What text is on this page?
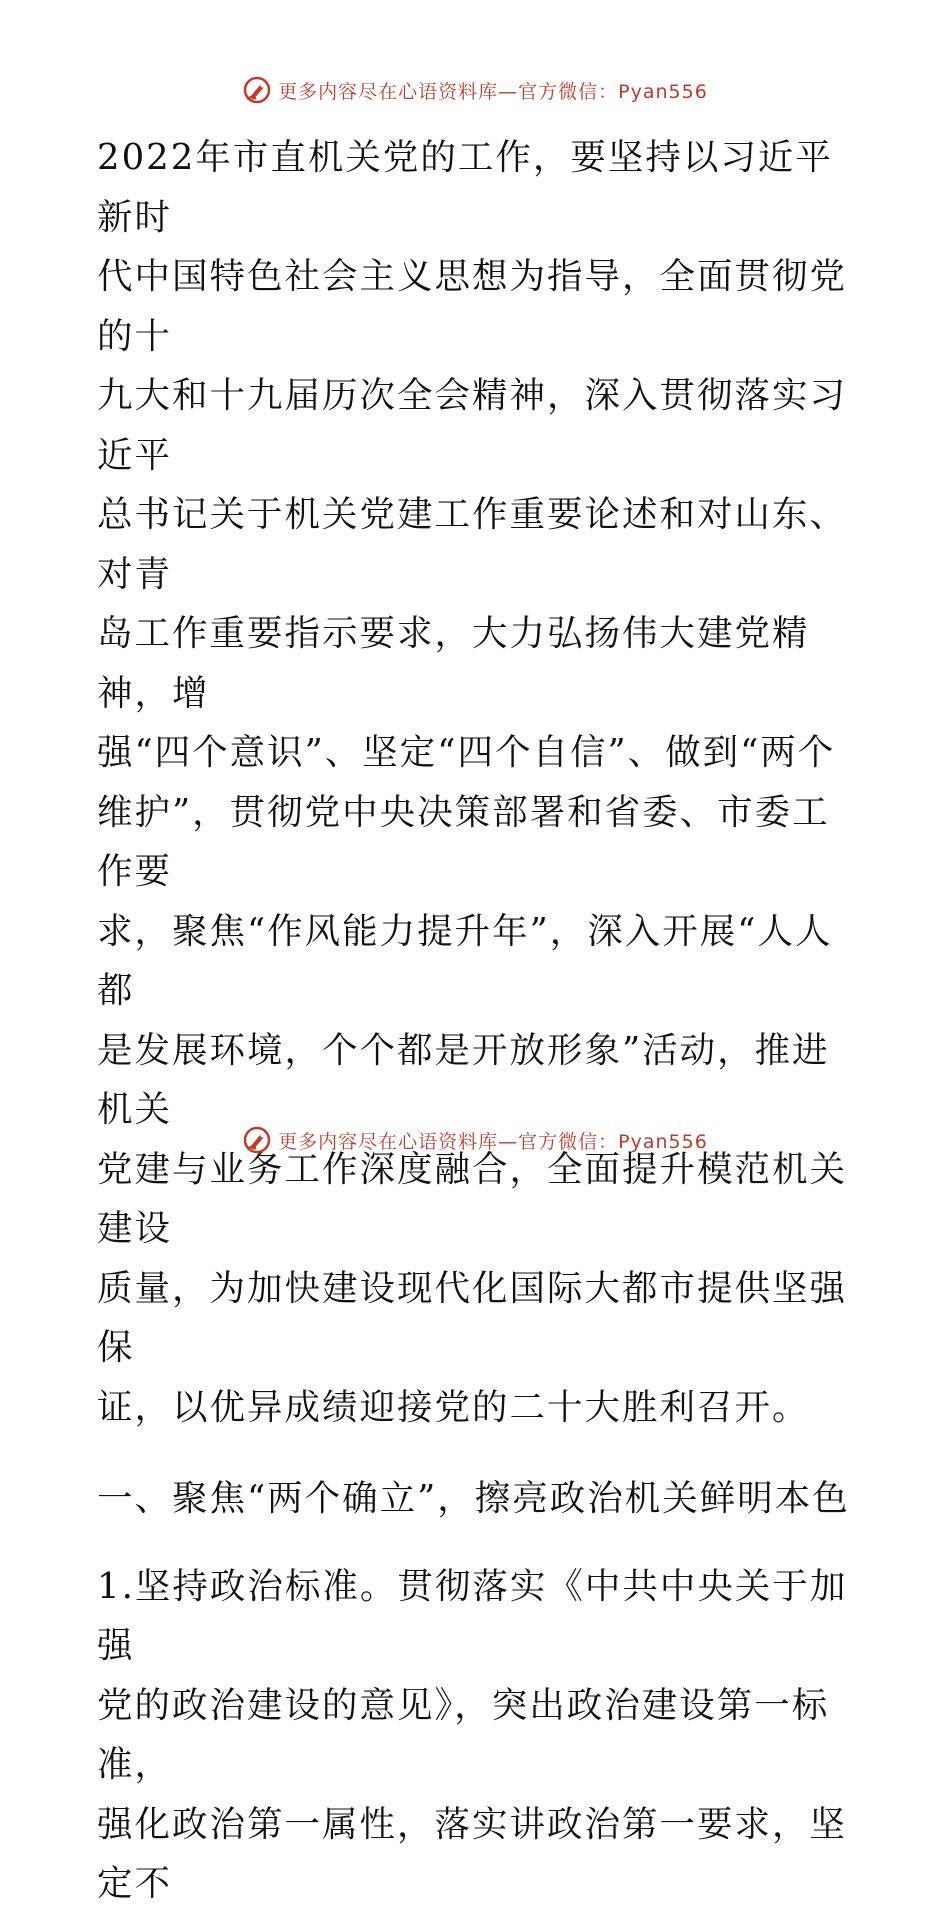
更多内容尽在心语资料库—官方微信：Pyan556

2022年市直机关党的工作，要坚持以习近平新时
代中国特色社会主义思想为指导，全面贯彻党的十
九大和十九届历次全会精神，深入贯彻落实习近平
总书记关于机关党建工作重要论述和对山东、对青
岛工作重要指示要求，大力弘扬伟大建党精神，增
强“四个意识”、坚定“四个自信”、做到“两个
维护”，贯彻党中央决策部署和省委、市委工作要
求，聚焦“作风能力提升年”，深入开展“人人都
是发展环境，个个都是开放形象”活动，推进机关
党建与业务工作深度融合，全面提升模范机关建设
质量，为加快建设现代化国际大都市提供坚强保
证，以优异成绩迎接党的二十大胜利召开。

一、聚焦“两个确立”，擦亮政治机关鲜明本色

1.坚持政治标准。贯彻落实《中共中央关于加强
党的政治建设的意见》，突出政治建设第一标准，
强化政治第一属性，落实讲政治第一要求，坚定不

更多内容尽在心语资料库—官方微信：Pyan556
